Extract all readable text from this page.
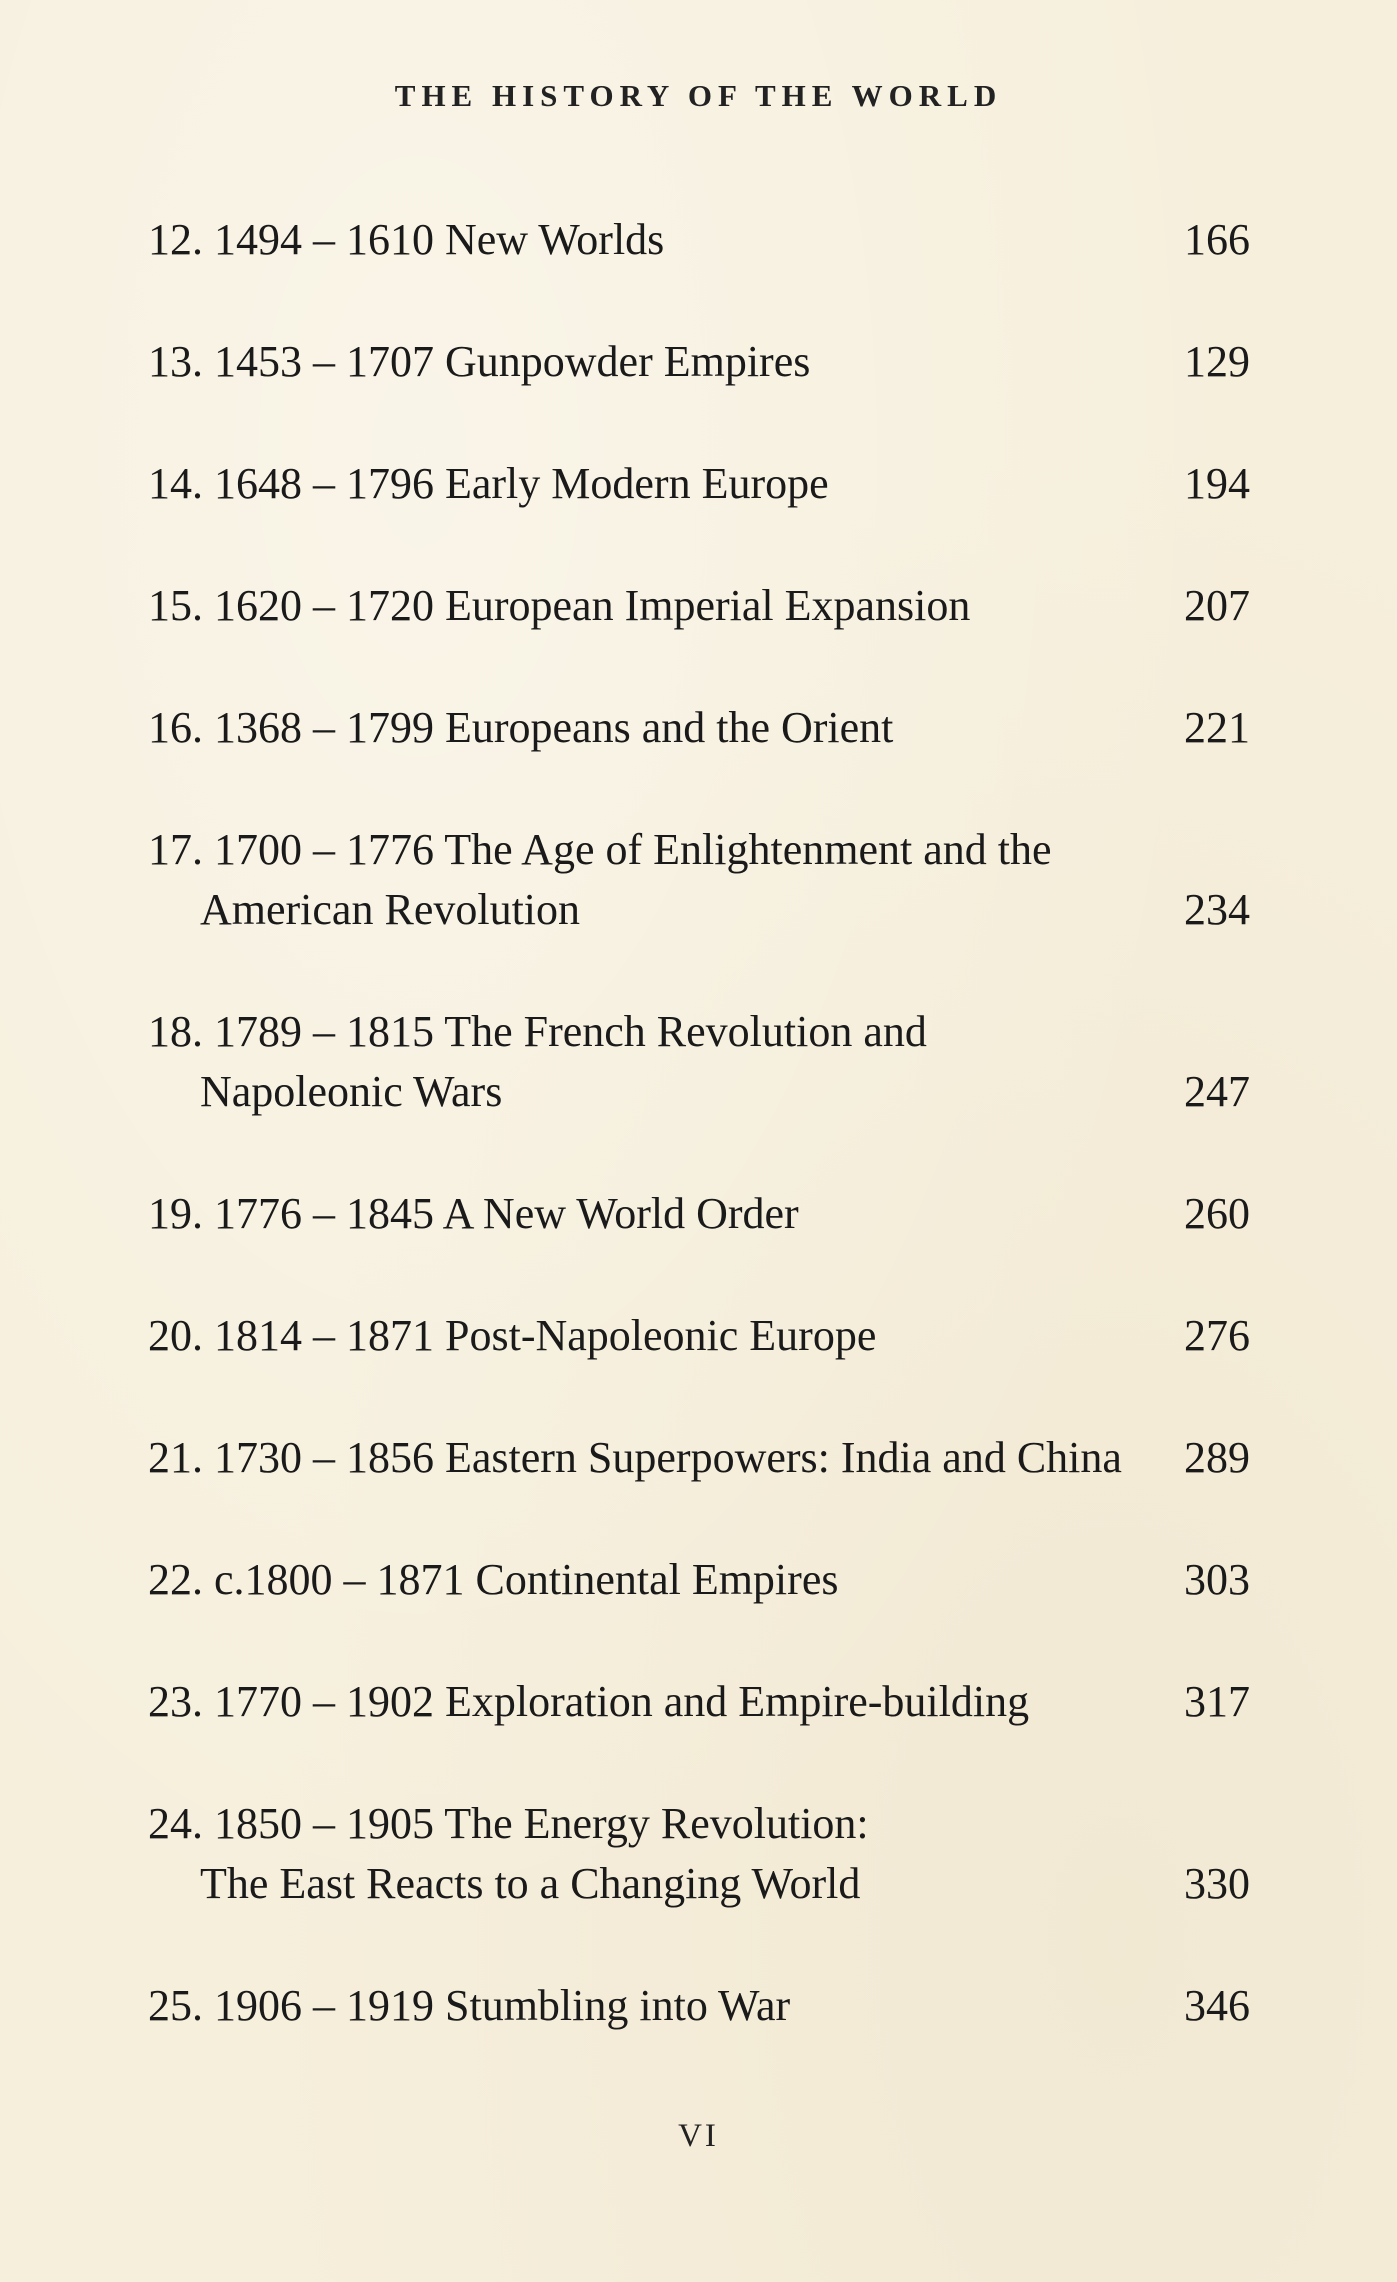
THE HISTORY OF THE WORLD
12. 1494 – 1610 New Worlds	166
13. 1453 – 1707 Gunpowder Empires	129
14. 1648 – 1796 Early Modern Europe	194
15. 1620 – 1720 European Imperial Expansion	207
16. 1368 – 1799 Europeans and the Orient	221
17. 1700 – 1776 The Age of Enlightenment and the
American Revolution	234
18. 1789 – 1815 The French Revolution and
Napoleonic Wars	247
19. 1776 – 1845 A New World Order	260
20. 1814 – 1871 Post-Napoleonic Europe	276
21. 1730 – 1856 Eastern Superpowers: India and China	289
22. c.1800 – 1871 Continental Empires	303
23. 1770 – 1902 Exploration and Empire-building	317
24. 1850 – 1905 The Energy Revolution:
The East Reacts to a Changing World	330
25. 1906 – 1919 Stumbling into War	346
VI
